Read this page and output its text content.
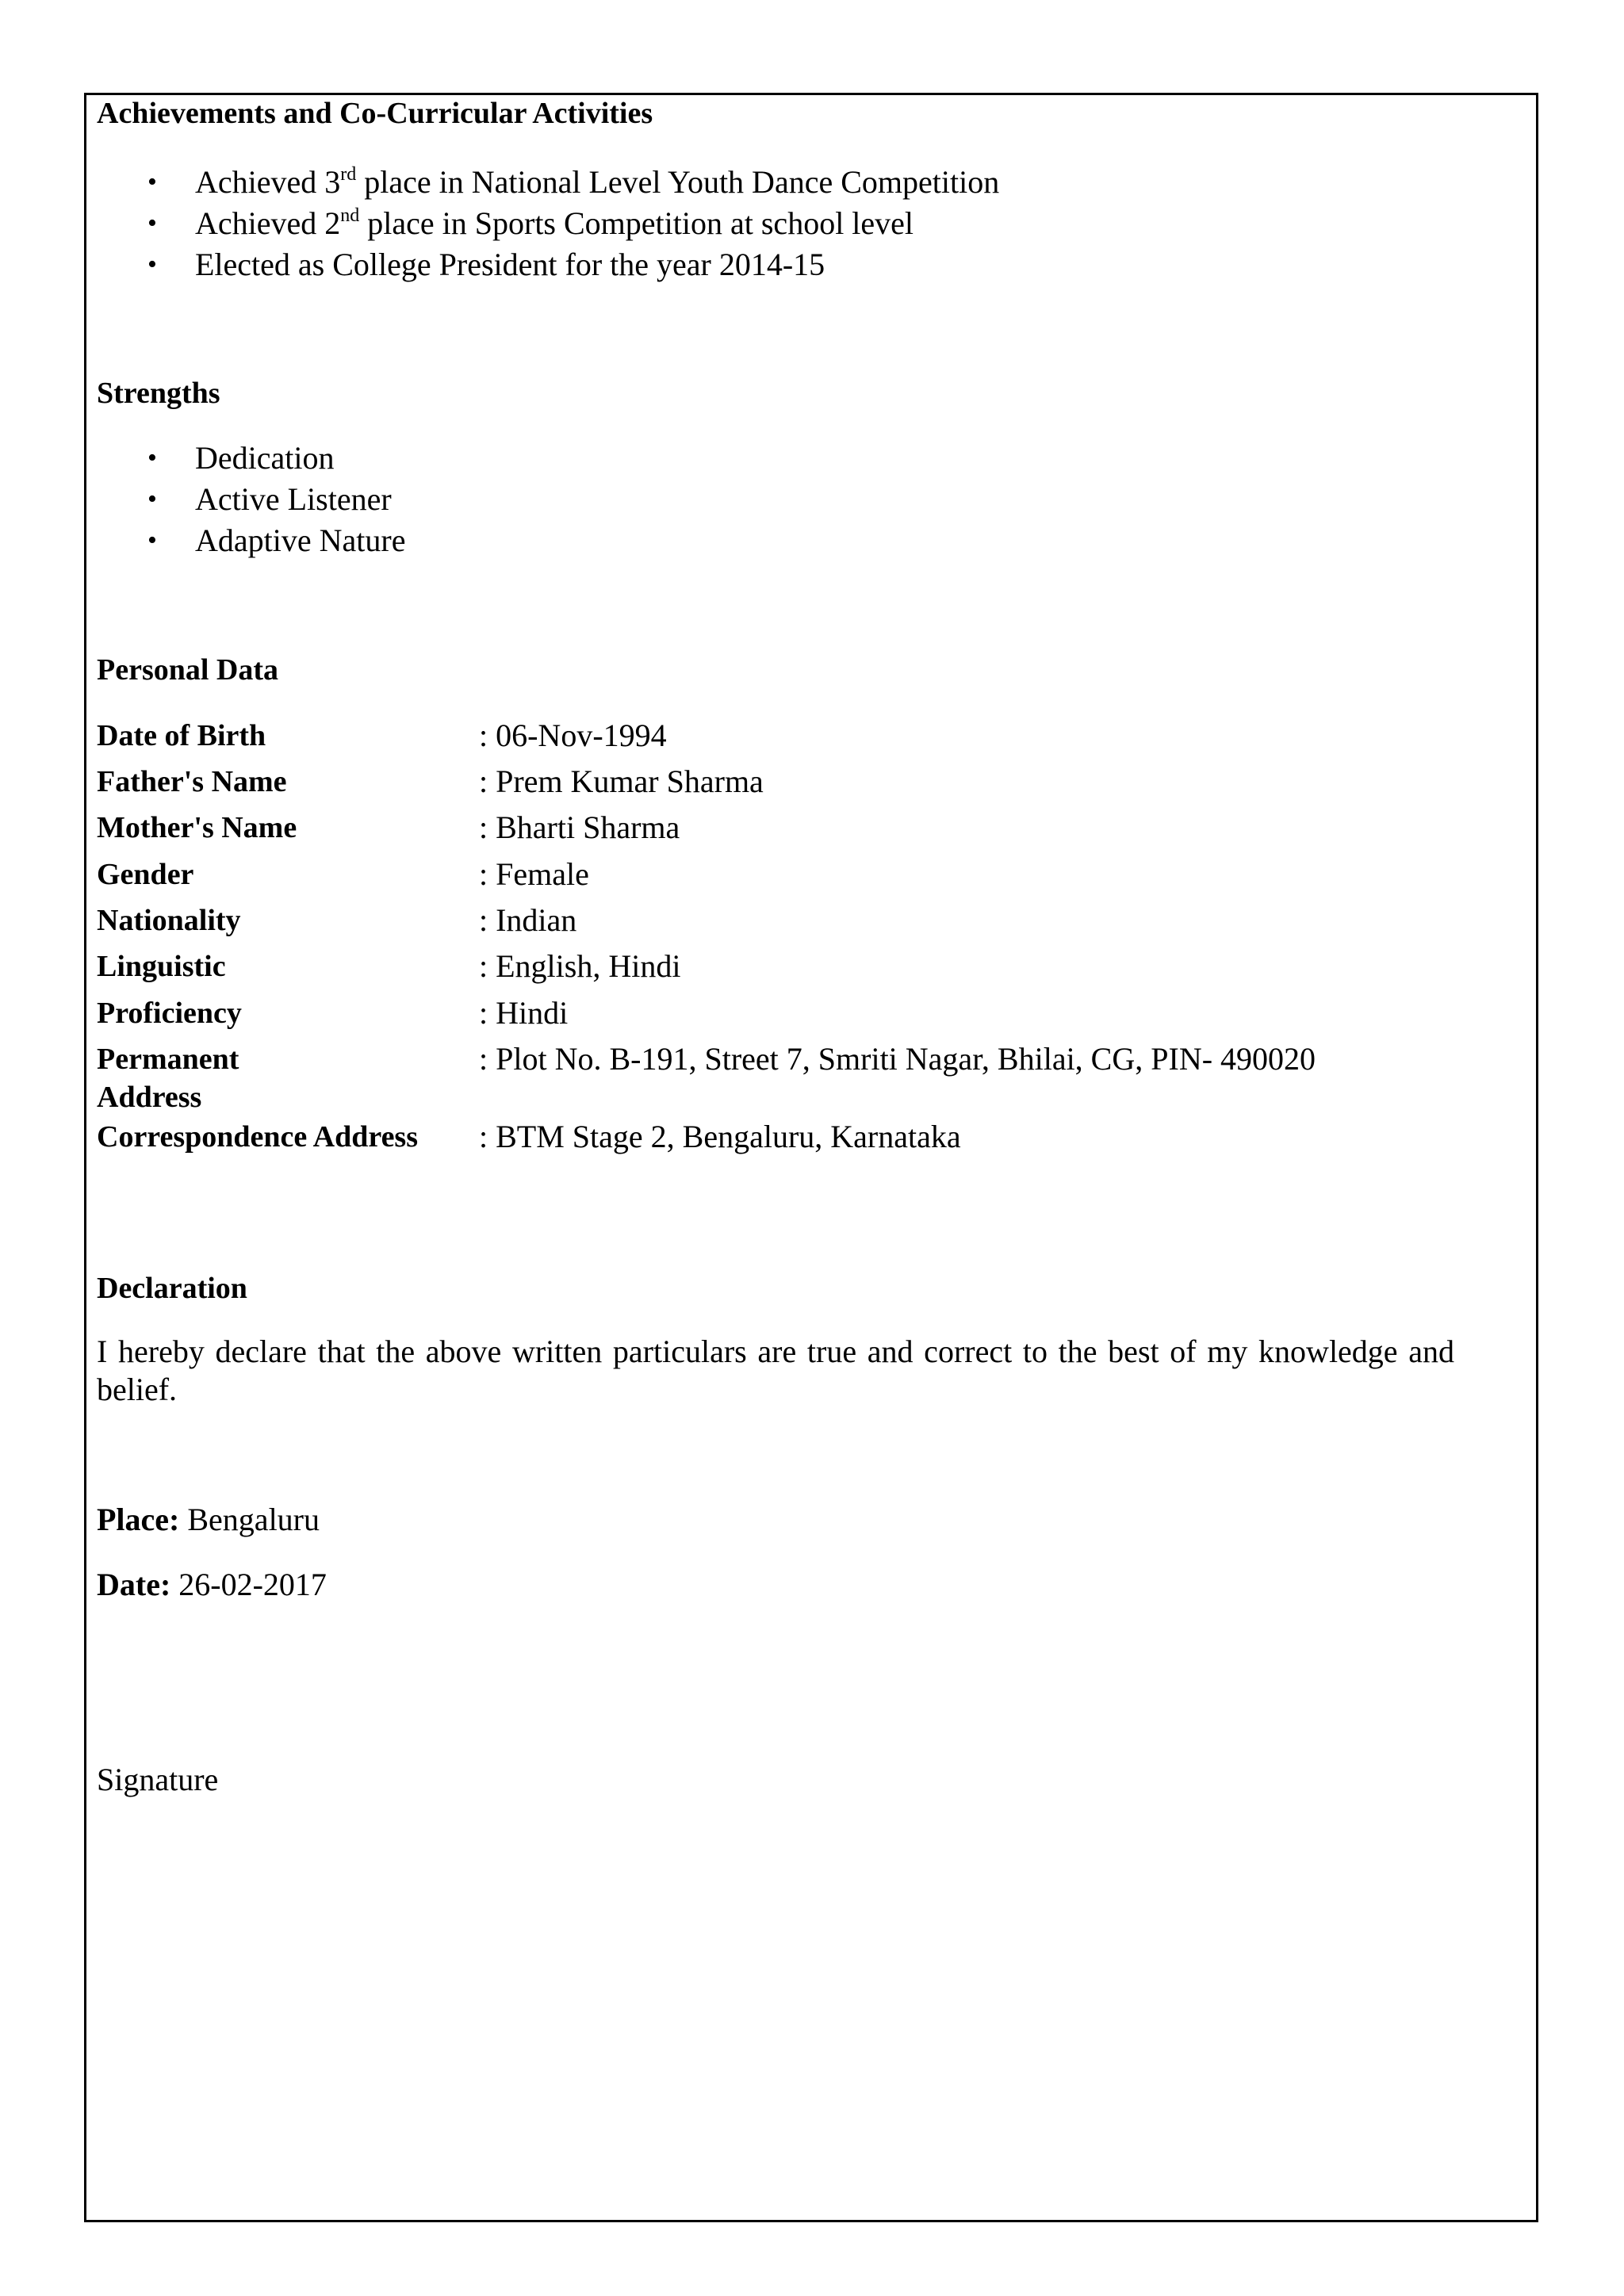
Achievements and Co-Curricular Activities
• Achieved 3rd place in National Level Youth Dance Competition
• Achieved 2nd place in Sports Competition at school level
• Elected as College President for the year 2014-15
Strengths
• Dedication
• Active Listener
• Adaptive Nature
Personal Data
Date of Birth	: 06-Nov-1994
Father's Name	: Prem Kumar Sharma
Mother's Name	: Bharti Sharma
Gender	: Female
Nationality	: Indian
Linguistic	: English, Hindi
Proficiency	: Hindi
Permanent Address
: Plot No. B-191, Street 7, Smriti Nagar, Bhilai, CG, PIN- 490020
Correspondence Address	: BTM Stage 2, Bengaluru, Karnataka
Declaration
I hereby declare that the above written particulars are true and correct to the best of my knowledge and belief.
Place: Bengaluru
Date: 26-02-2017
Signature
